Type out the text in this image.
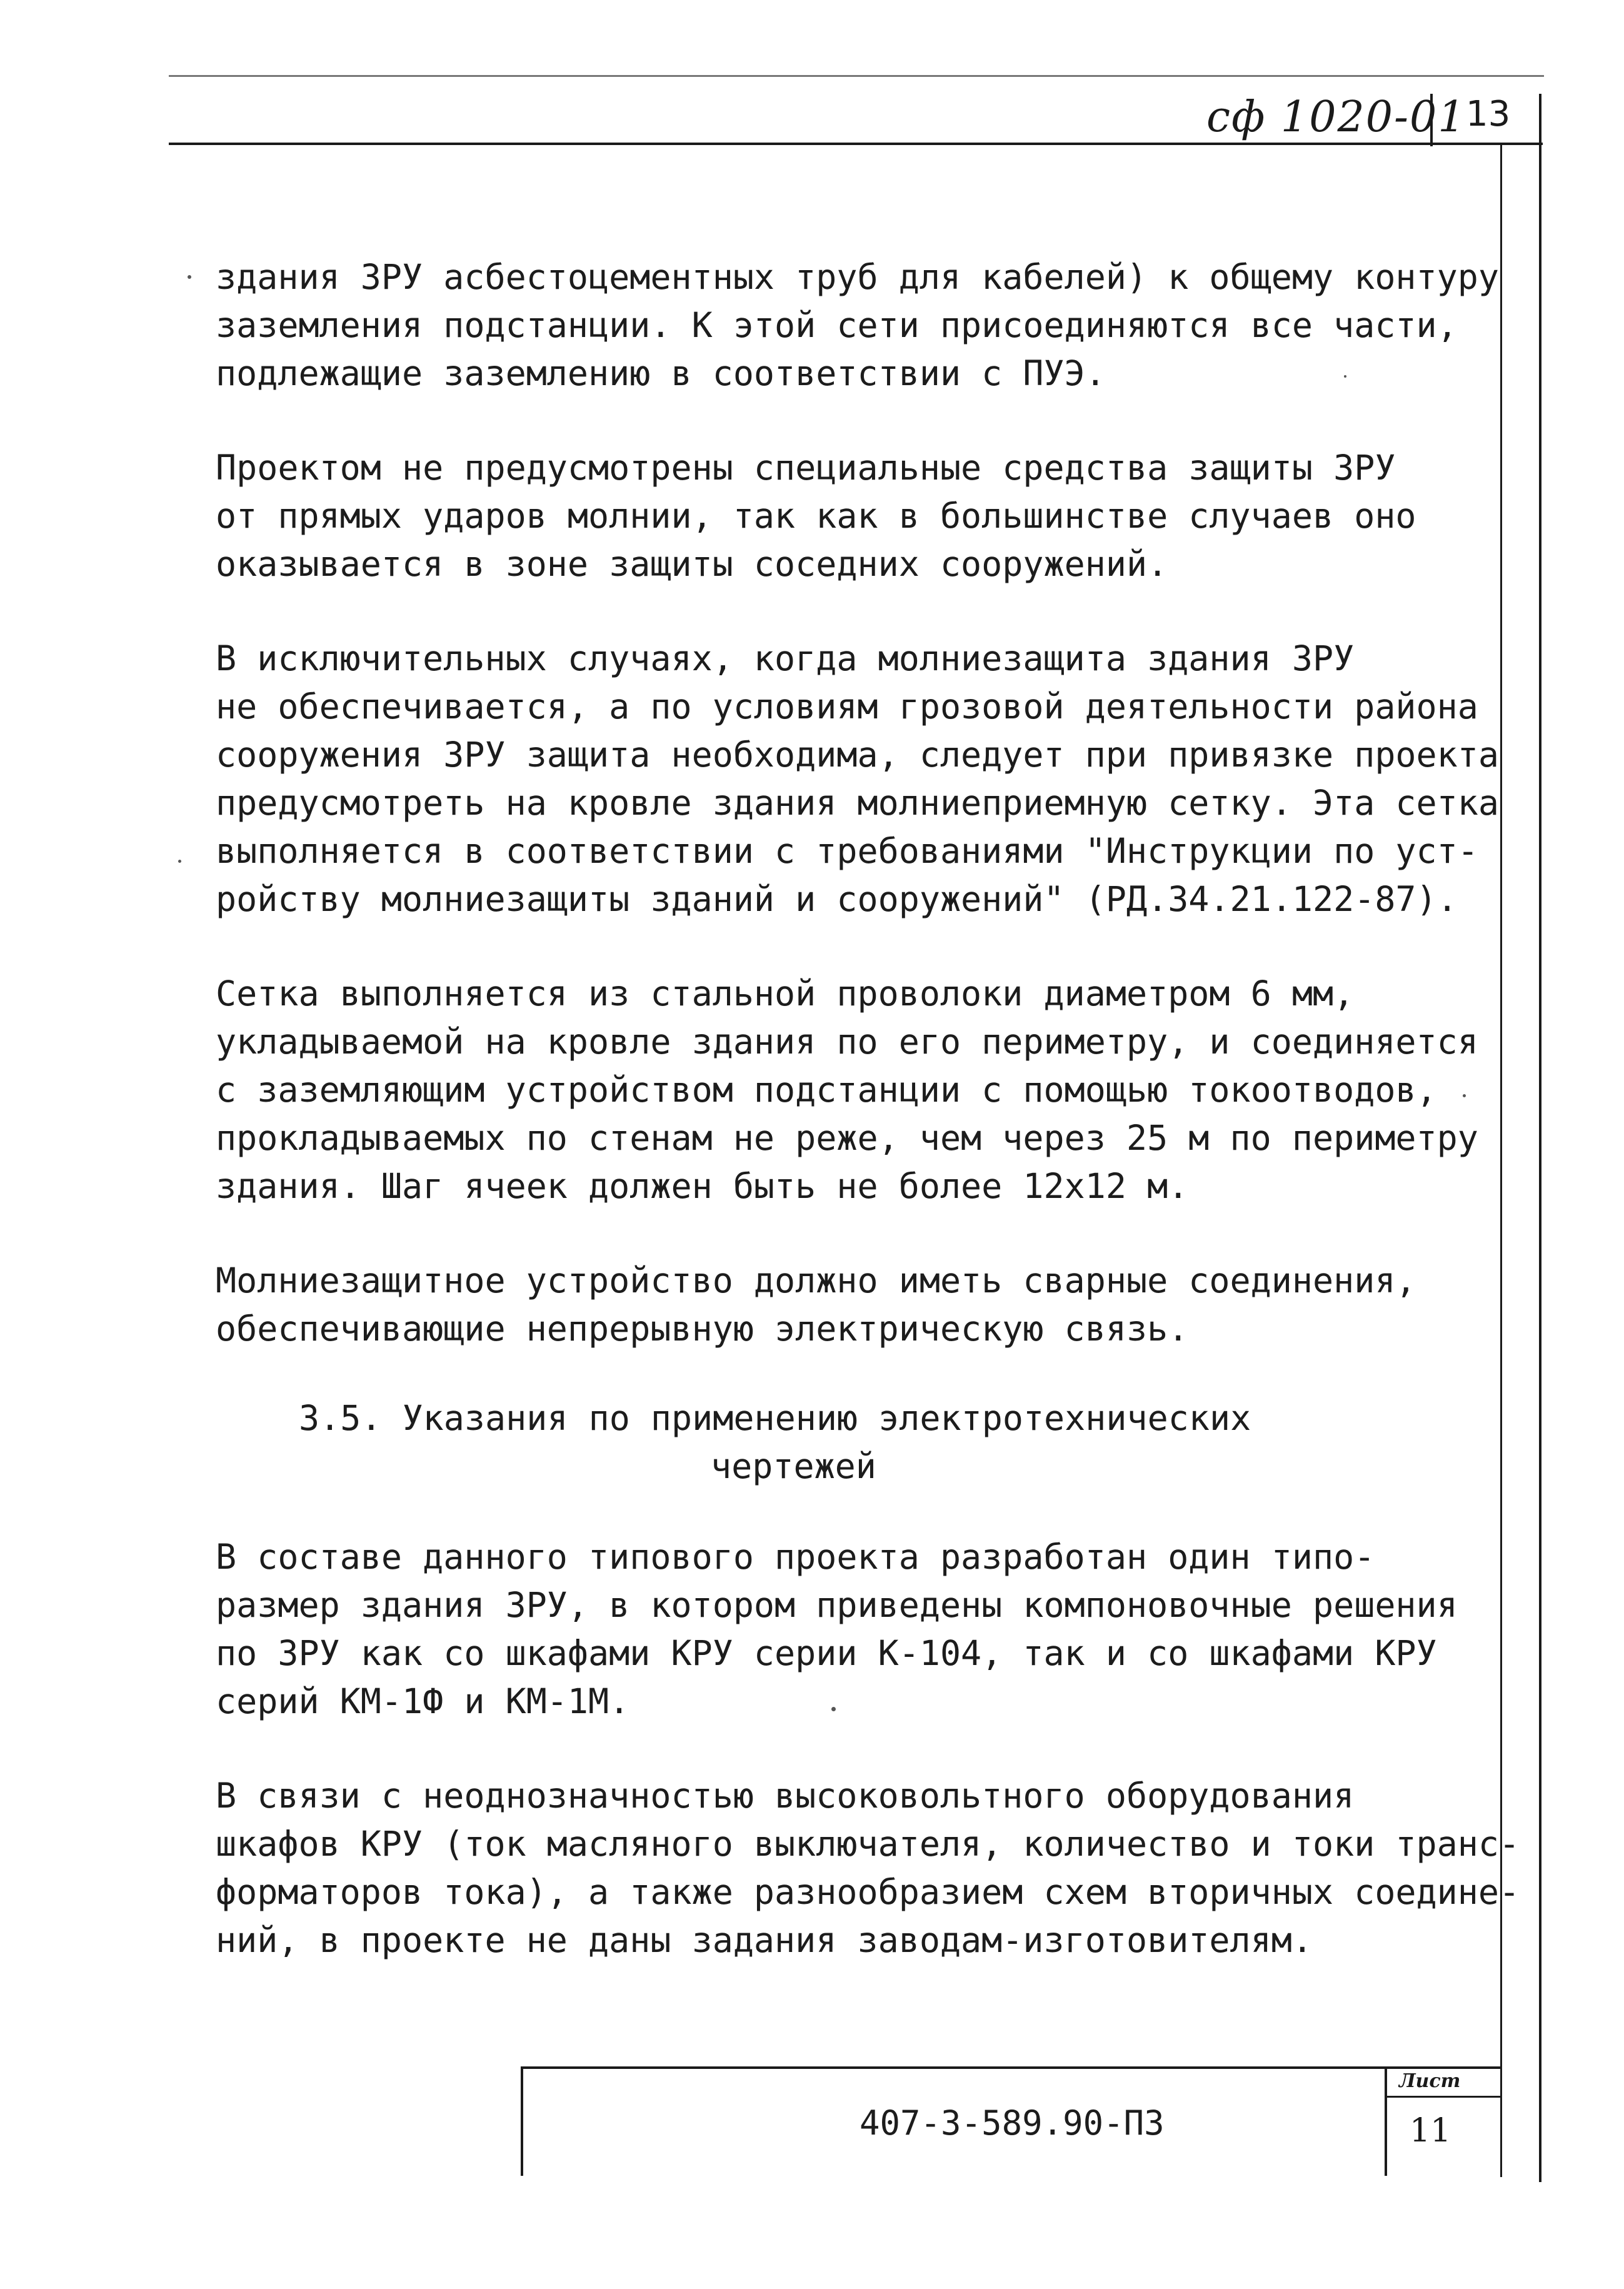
сф 1020-01 13

здания ЗРУ асбестоцементных труб для кабелей) к общему контуру
заземления подстанции. К этой сети присоединяются все части,
подлежащие заземлению в соответствии с ПУЭ.

Проектом не предусмотрены специальные средства защиты ЗРУ
от прямых ударов молнии, так как в большинстве случаев оно
оказывается в зоне защиты соседних сооружений.

В исключительных случаях, когда молниезащита здания ЗРУ
не обеспечивается, а по условиям грозовой деятельности района
сооружения ЗРУ защита необходима, следует при привязке проекта
предусмотреть на кровле здания молниеприемную сетку. Эта сетка
выполняется в соответствии с требованиями "Инструкции по уст-
ройству молниезащиты зданий и сооружений" (РД.34.21.122-87).

Сетка выполняется из стальной проволоки диаметром 6 мм,
укладываемой на кровле здания по его периметру, и соединяется
с заземляющим устройством подстанции с помощью токоотводов,
прокладываемых по стенам не реже, чем через 25 м по периметру
здания. Шаг ячеек должен быть не более 12х12 м.

Молниезащитное устройство должно иметь сварные соединения,
обеспечивающие непрерывную электрическую связь.

3.5. Указания по применению электротехнических
чертежей

В составе данного типового проекта разработан один типо-
размер здания ЗРУ, в котором приведены компоновочные решения
по ЗРУ как со шкафами КРУ серии К-104, так и со шкафами КРУ
серий КМ-1Ф и КМ-1М.

В связи с неоднозначностью высоковольтного оборудования
шкафов КРУ (ток масляного выключателя, количество и токи транс-
форматоров тока), а также разнообразием схем вторичных соедине-
ний, в проекте не даны задания заводам-изготовителям.

407-3-589.90-ПЗ
Лист
11
